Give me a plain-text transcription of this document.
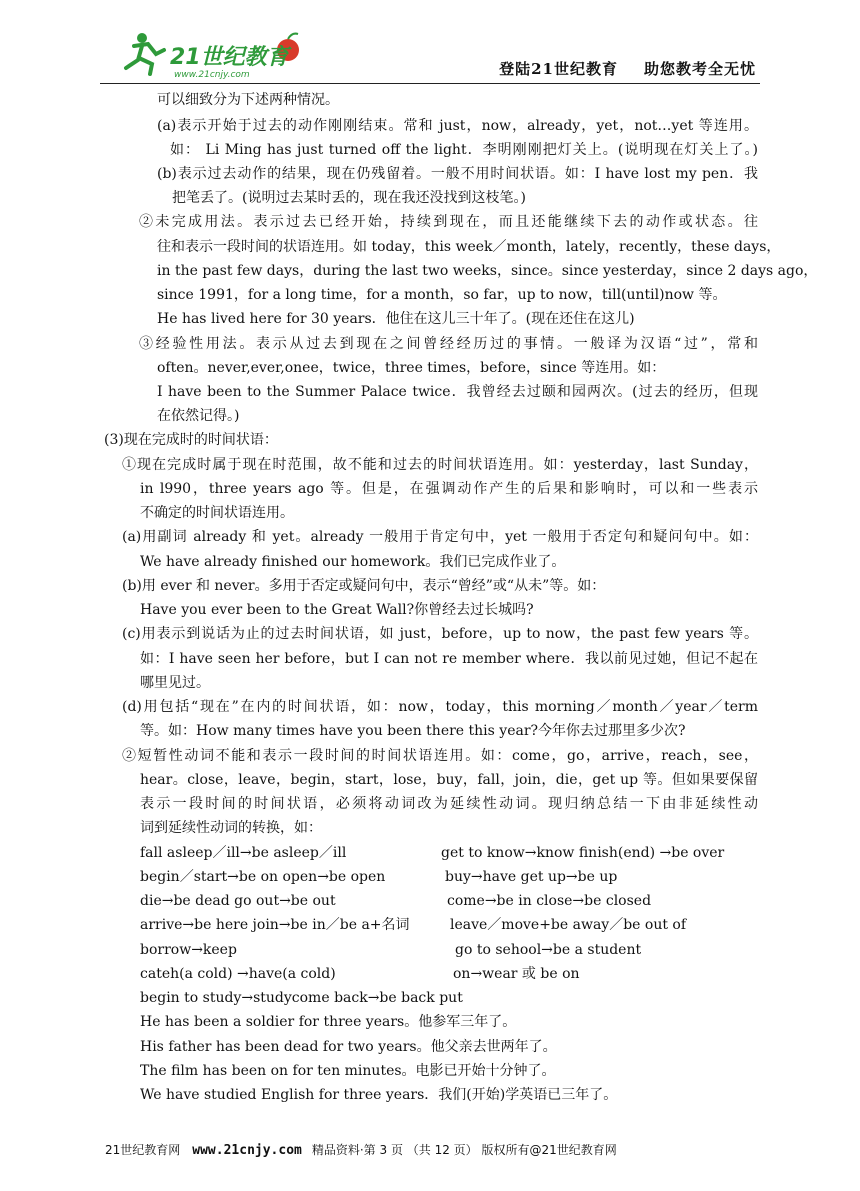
21世纪教育
www.21cnjy.com	登陆21世纪教育 助您教考全无忧
可以细致分为下述两种情况。
(a)表示开始于过去的动作刚刚结束。常和 just，now，already，yet，not…yet 等连用。
如： Li Ming has just turned off the light．李明刚刚把灯关上。(说明现在灯关上了。)
(b)表示过去动作的结果，现在仍残留着。一般不用时间状语。如：I have lost my pen．我
把笔丢了。(说明过去某时丢的，现在我还没找到这枝笔。)
②未完成用法。表示过去已经开始，持续到现在，而且还能继续下去的动作或状态。往
往和表示一段时间的状语连用。如 today，this week／month，lately，recently，these days，
in the past few days，during the last two weeks，since。since yesterday，since 2 days ago，
since 1991，for a long time，for a month，so far，up to now，till(until)now 等。
He has lived here for 30 years．他住在这儿三十年了。(现在还住在这儿)
③经验性用法。表示从过去到现在之间曾经经历过的事情。一般译为汉语“过”，常和
often。never,ever,onee，twice，three times，before，since 等连用。如：
I have been to the Summer Palace twice．我曾经去过颐和园两次。(过去的经历，但现
在依然记得。)
(3)现在完成时的时间状语：
①现在完成时属于现在时范围，故不能和过去的时间状语连用。如：yesterday，last Sunday，
in l990，three years ago 等。但是，在强调动作产生的后果和影响时，可以和一些表示
不确定的时间状语连用。
(a)用副词 already 和 yet。already 一般用于肯定句中，yet 一般用于否定句和疑问句中。如：
We have already finished our homework。我们已完成作业了。
(b)用 ever 和 never。多用于否定或疑问句中，表示“曾经”或“从未”等。如：
Have you ever been to the Great Wall?你曾经去过长城吗?
(c)用表示到说话为止的过去时间状语，如 just，before，up to now，the past few years 等。
如：I have seen her before，but I can not re member where．我以前见过她，但记不起在
哪里见过。
(d)用包括“现在”在内的时间状语，如：now，today，this morning／month／year／term
等。如：How many times have you been there this year?今年你去过那里多少次?
②短暂性动词不能和表示一段时间的时间状语连用。如：come，go，arrive，reach，see，
hear。close，leave，begin，start，lose，buy，fall，join，die，get up 等。但如果要保留
表示一段时间的时间状语，必须将动词改为延续性动词。现归纳总结一下由非延续性动
词到延续性动词的转换，如：
fall asleep／ill→be asleep／ill	get to know→know finish(end) →be over
begin／start→be on open→be open	buy→have get up→be up
die→be dead go out→be out	come→be in close→be closed
arrive→be here join→be in／be a+名词	leave／move+be away／be out of
borrow→keep	go to sehool→be a student
cateh(a cold) →have(a cold)	on→wear 或 be on
begin to study→studycome back→be back put
He has been a soldier for three years。他参军三年了。
His father has been dead for two years。他父亲去世两年了。
The film has been on for ten minutes。电影已开始十分钟了。
We have studied English for three years．我们(开始)学英语已三年了。
21世纪教育网 www.21cnjy.com 精品资料·第 3 页 （共 12 页） 版权所有@21世纪教育网
